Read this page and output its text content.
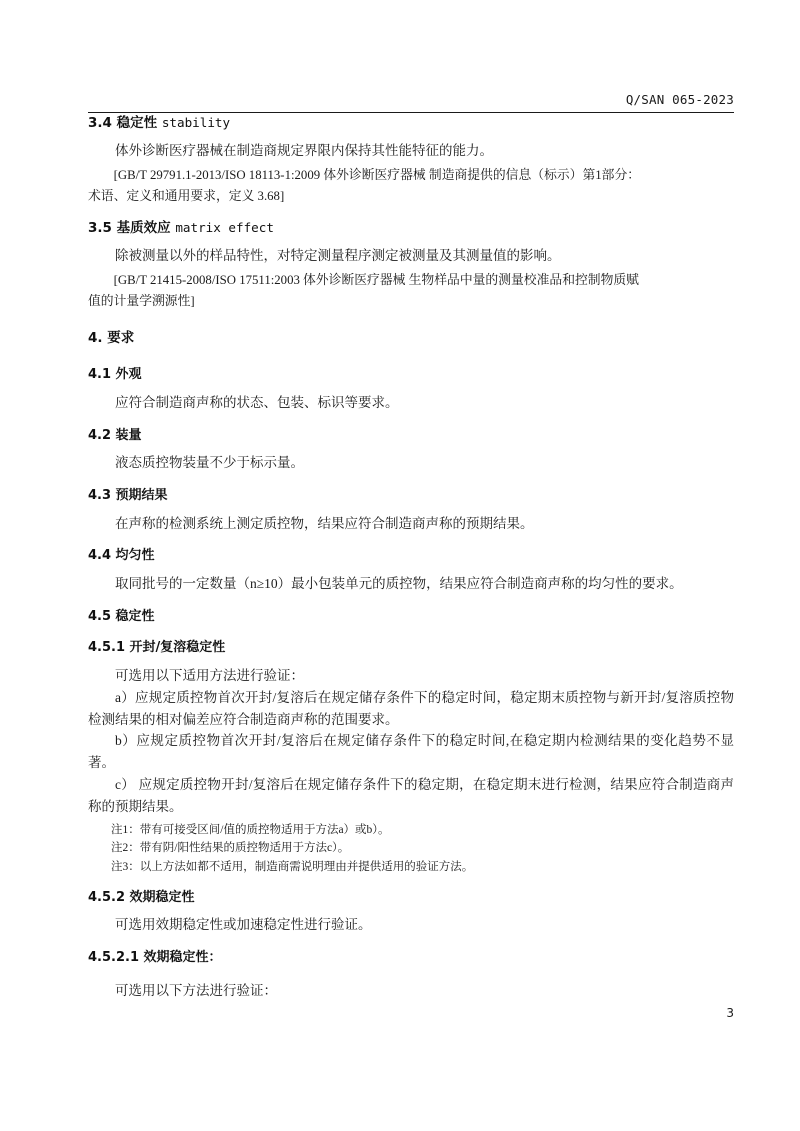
Q/SAN 065-2023
3.4 稳定性 stability
体外诊断医疗器械在制造商规定界限内保持其性能特征的能力。
[GB/T 29791.1-2013/ISO 18113-1:2009 体外诊断医疗器械 制造商提供的信息（标示）第1部分：
术语、定义和通用要求，定义 3.68]
3.5 基质效应 matrix effect
除被测量以外的样品特性，对特定测量程序测定被测量及其测量值的影响。
[GB/T 21415-2008/ISO 17511:2003 体外诊断医疗器械 生物样品中量的测量校准品和控制物质赋
值的计量学溯源性]
4. 要求
4.1 外观
应符合制造商声称的状态、包装、标识等要求。
4.2 装量
液态质控物装量不少于标示量。
4.3 预期结果
在声称的检测系统上测定质控物，结果应符合制造商声称的预期结果。
4.4 均匀性
取同批号的一定数量（n≥10）最小包装单元的质控物，结果应符合制造商声称的均匀性的要求。
4.5 稳定性
4.5.1 开封/复溶稳定性
可选用以下适用方法进行验证：
a）应规定质控物首次开封/复溶后在规定储存条件下的稳定时间，稳定期末质控物与新开封/复溶质控物检测结果的相对偏差应符合制造商声称的范围要求。
b）应规定质控物首次开封/复溶后在规定储存条件下的稳定时间,在稳定期内检测结果的变化趋势不显著。
c） 应规定质控物开封/复溶后在规定储存条件下的稳定期，在稳定期末进行检测，结果应符合制造商声称的预期结果。
注1：带有可接受区间/值的质控物适用于方法a）或b）。
注2：带有阴/阳性结果的质控物适用于方法c）。
注3：以上方法如都不适用，制造商需说明理由并提供适用的验证方法。
4.5.2 效期稳定性
可选用效期稳定性或加速稳定性进行验证。
4.5.2.1 效期稳定性：
可选用以下方法进行验证：
3
